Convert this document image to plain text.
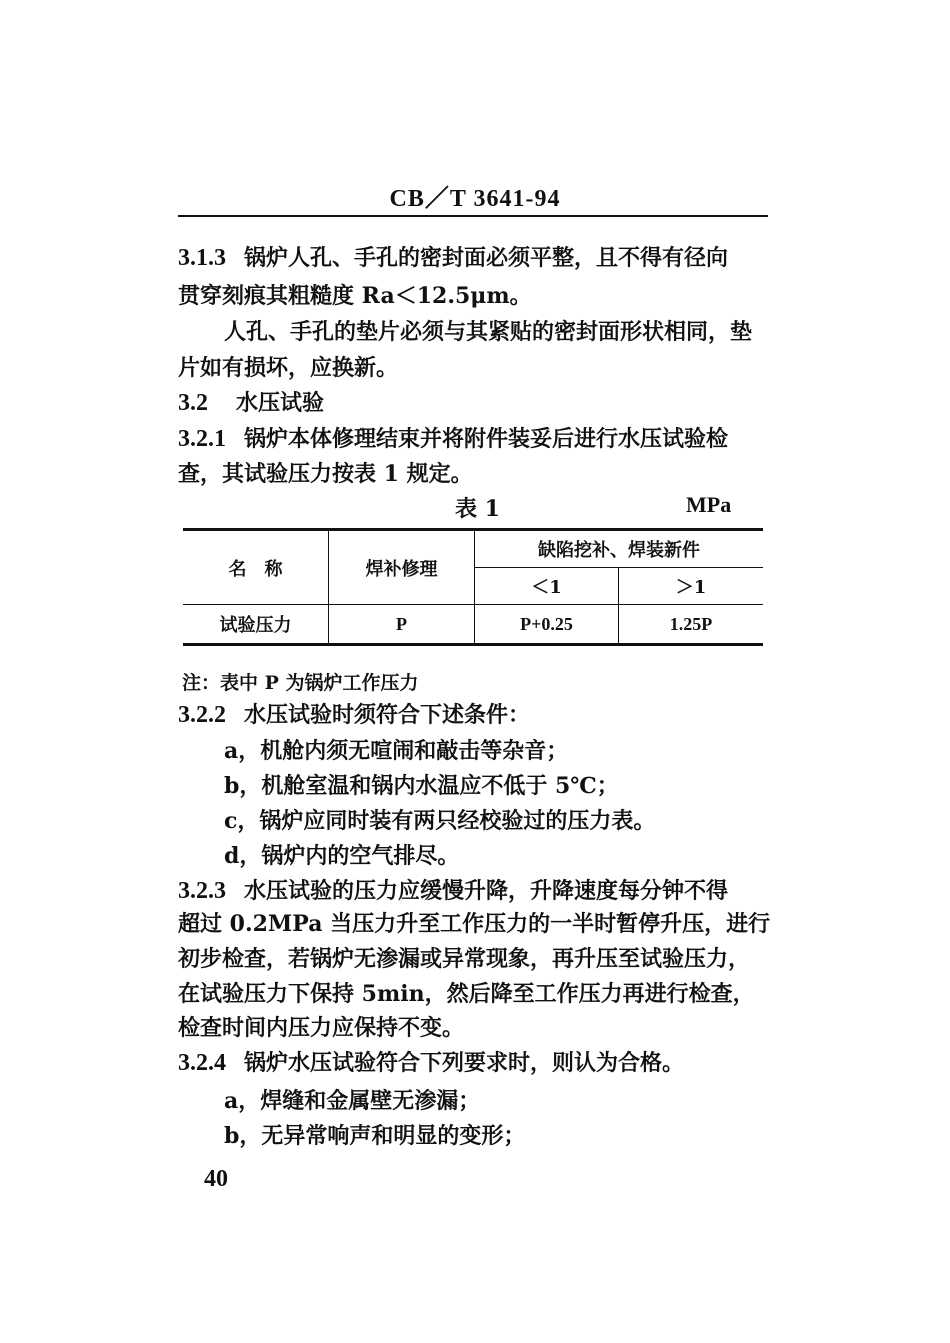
CB／T 3641-94
3.1.3 锅炉人孔、手孔的密封面必须平整，且不得有径向
贯穿刻痕其粗糙度 Ra＜12.5μm。
人孔、手孔的垫片必须与其紧贴的密封面形状相同，垫
片如有损坏，应换新。
3.2 水压试验
3.2.1 锅炉本体修理结束并将附件装妥后进行水压试验检
查，其试验压力按表 1 规定。
表 1	MPa
名　称	焊补修理	缺陷挖补、焊装新件	
		＜1	＞1
试验压力	P	P+0.25	1.25P
注：表中 P 为锅炉工作压力
3.2.2 水压试验时须符合下述条件：
a，机舱内须无喧闹和敲击等杂音；
b，机舱室温和锅内水温应不低于 5℃；
c，锅炉应同时装有两只经校验过的压力表。
d，锅炉内的空气排尽。
3.2.3 水压试验的压力应缓慢升降，升降速度每分钟不得
超过 0.2MPa 当压力升至工作压力的一半时暂停升压，进行
初步检查，若锅炉无渗漏或异常现象，再升压至试验压力，
在试验压力下保持 5min，然后降至工作压力再进行检查，
检查时间内压力应保持不变。
3.2.4 锅炉水压试验符合下列要求时，则认为合格。
a，焊缝和金属壁无渗漏；
b，无异常响声和明显的变形；
40
